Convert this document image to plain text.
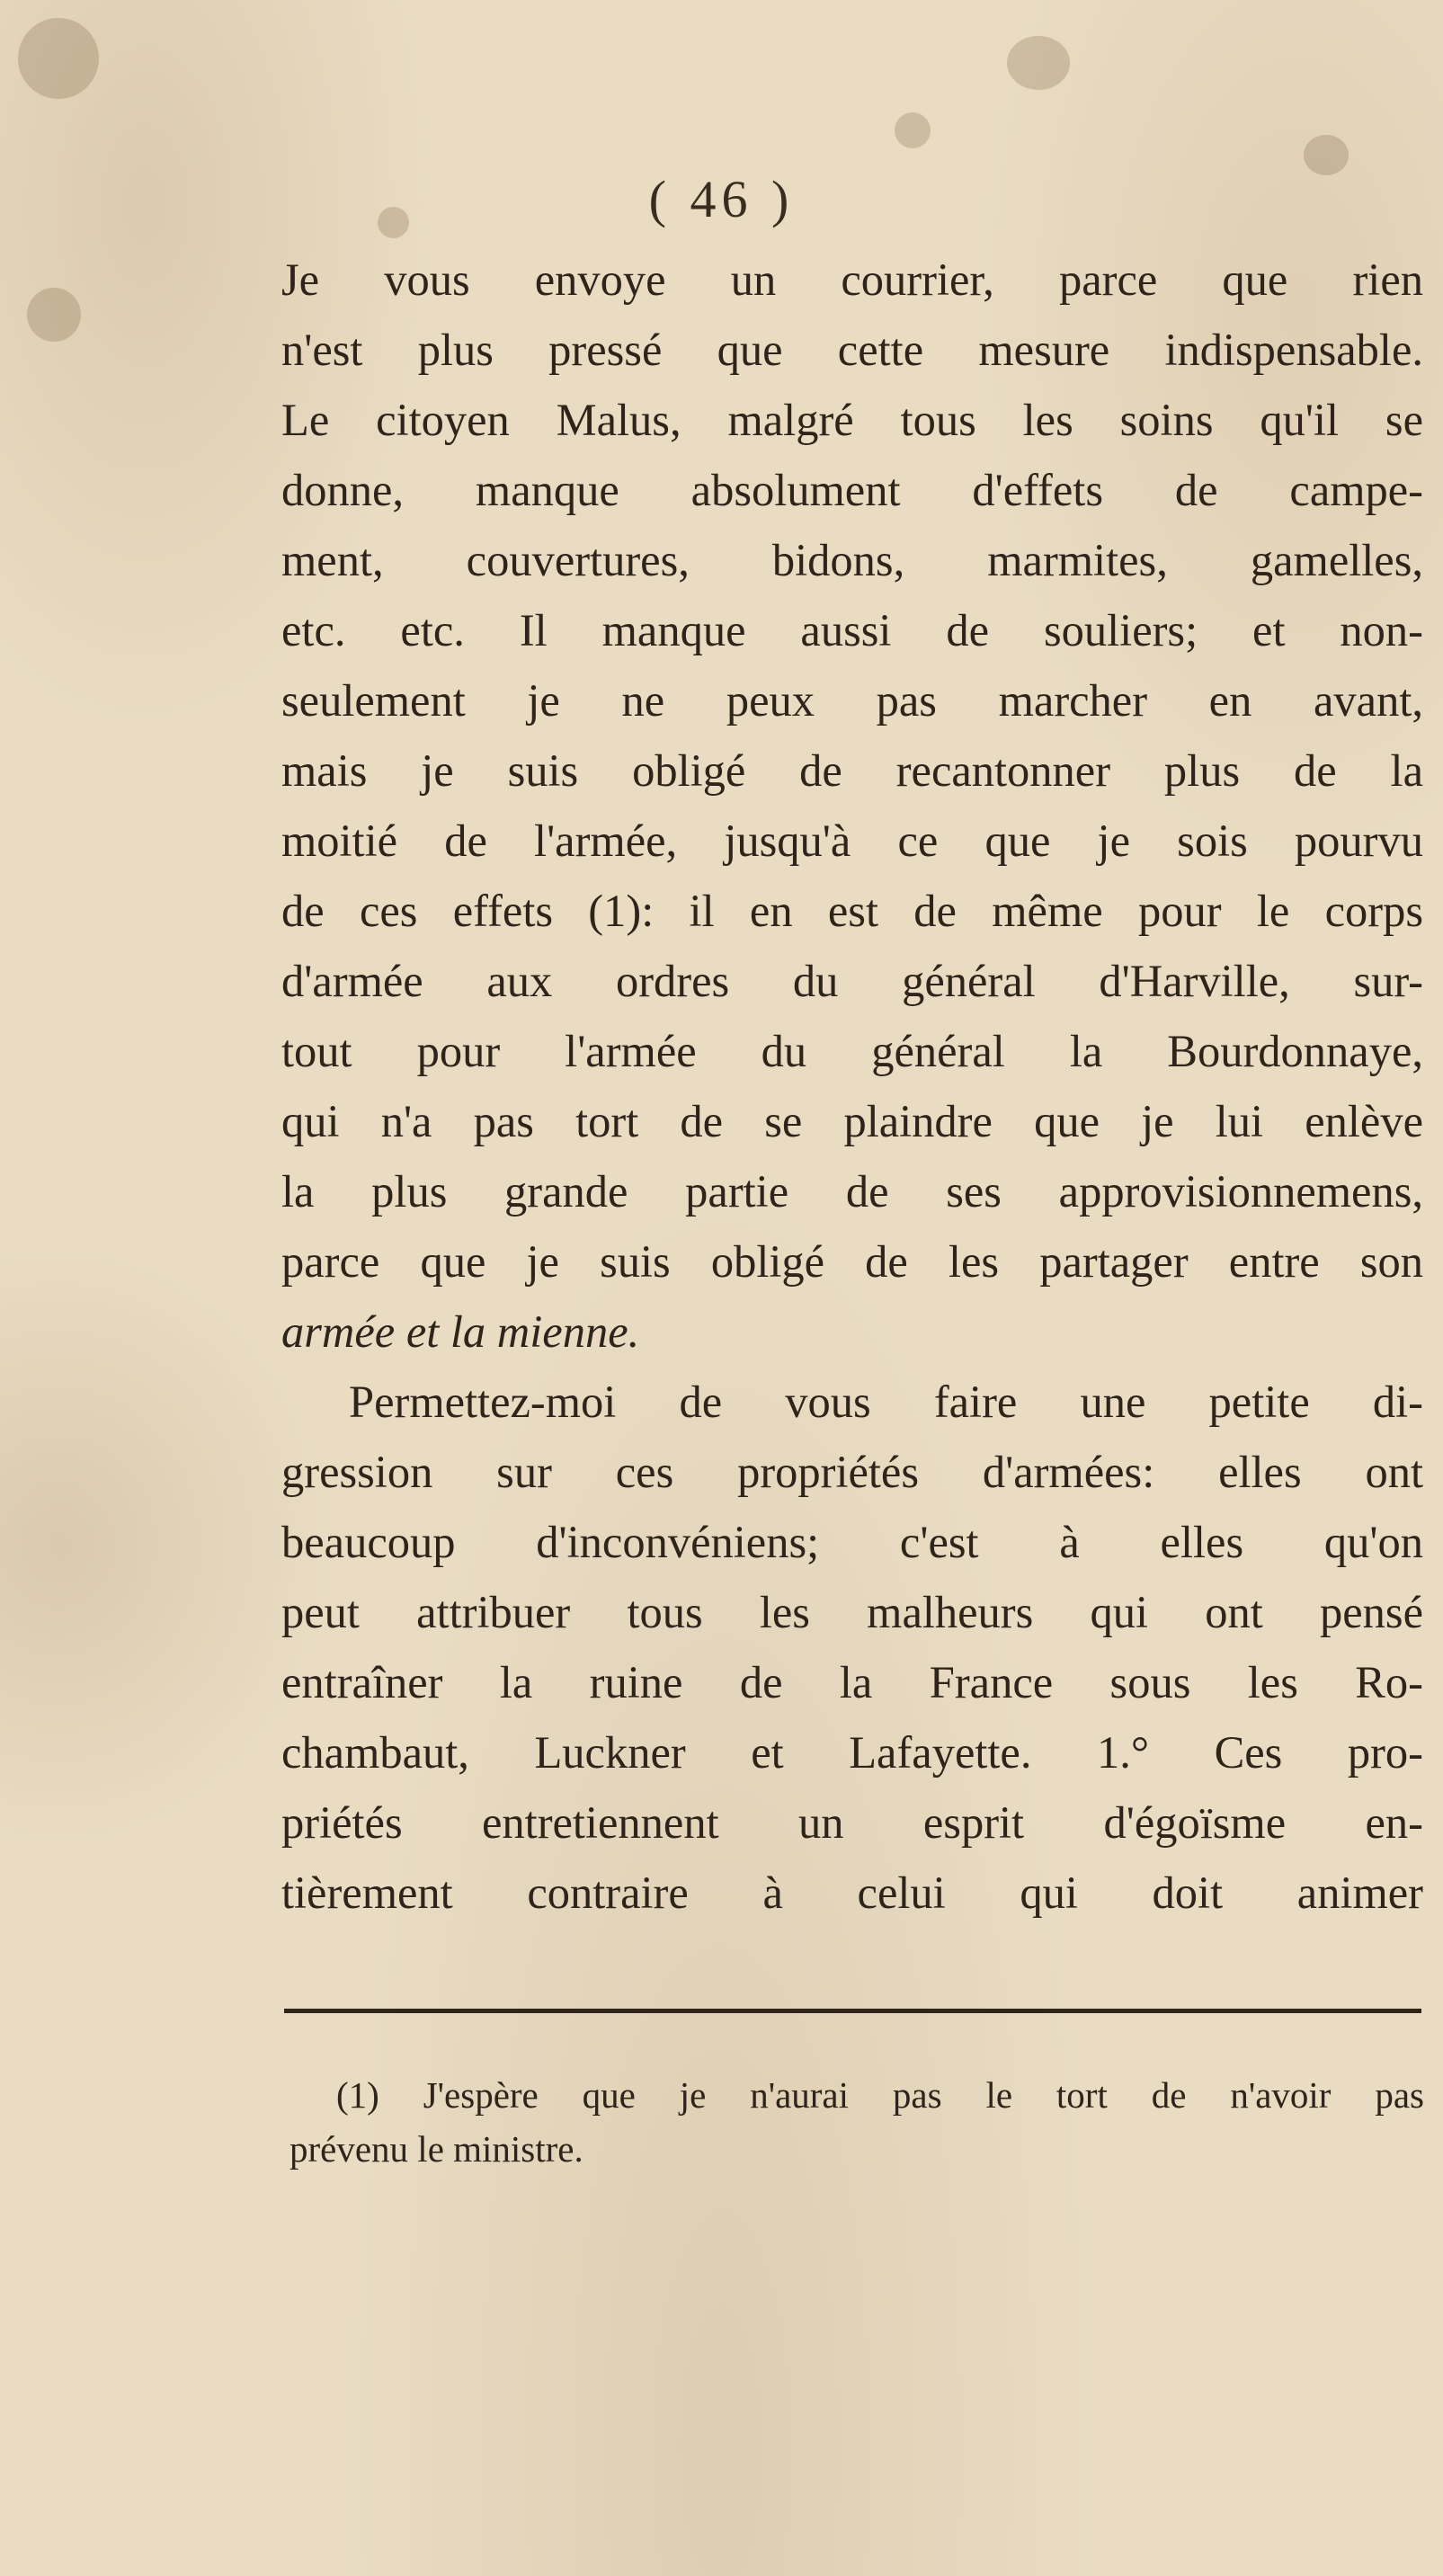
( 46 )
Je vous envoye un courrier, parce que rien
n'est plus pressé que cette mesure indispensable.
Le citoyen Malus, malgré tous les soins qu'il se
donne, manque absolument d'effets de campe-
ment, couvertures, bidons, marmites, gamelles,
etc. etc. Il manque aussi de souliers; et non-
seulement je ne peux pas marcher en avant,
mais je suis obligé de recantonner plus de la
moitié de l'armée, jusqu'à ce que je sois pourvu
de ces effets (1): il en est de même pour le corps
d'armée aux ordres du général d'Harville, sur-
tout pour l'armée du général la Bourdonnaye,
qui n'a pas tort de se plaindre que je lui enlève
la plus grande partie de ses approvisionnemens,
parce que je suis obligé de les partager entre son
armée et la mienne.
Permettez-moi de vous faire une petite di-
gression sur ces propriétés d'armées: elles ont
beaucoup d'inconvéniens; c'est à elles qu'on
peut attribuer tous les malheurs qui ont pensé
entraîner la ruine de la France sous les Ro-
chambaut, Luckner et Lafayette. 1.° Ces pro-
priétés entretiennent un esprit d'égoïsme en-
tièrement contraire à celui qui doit animer
(1) J'espère que je n'aurai pas le tort de n'avoir pas
prévenu le ministre.
